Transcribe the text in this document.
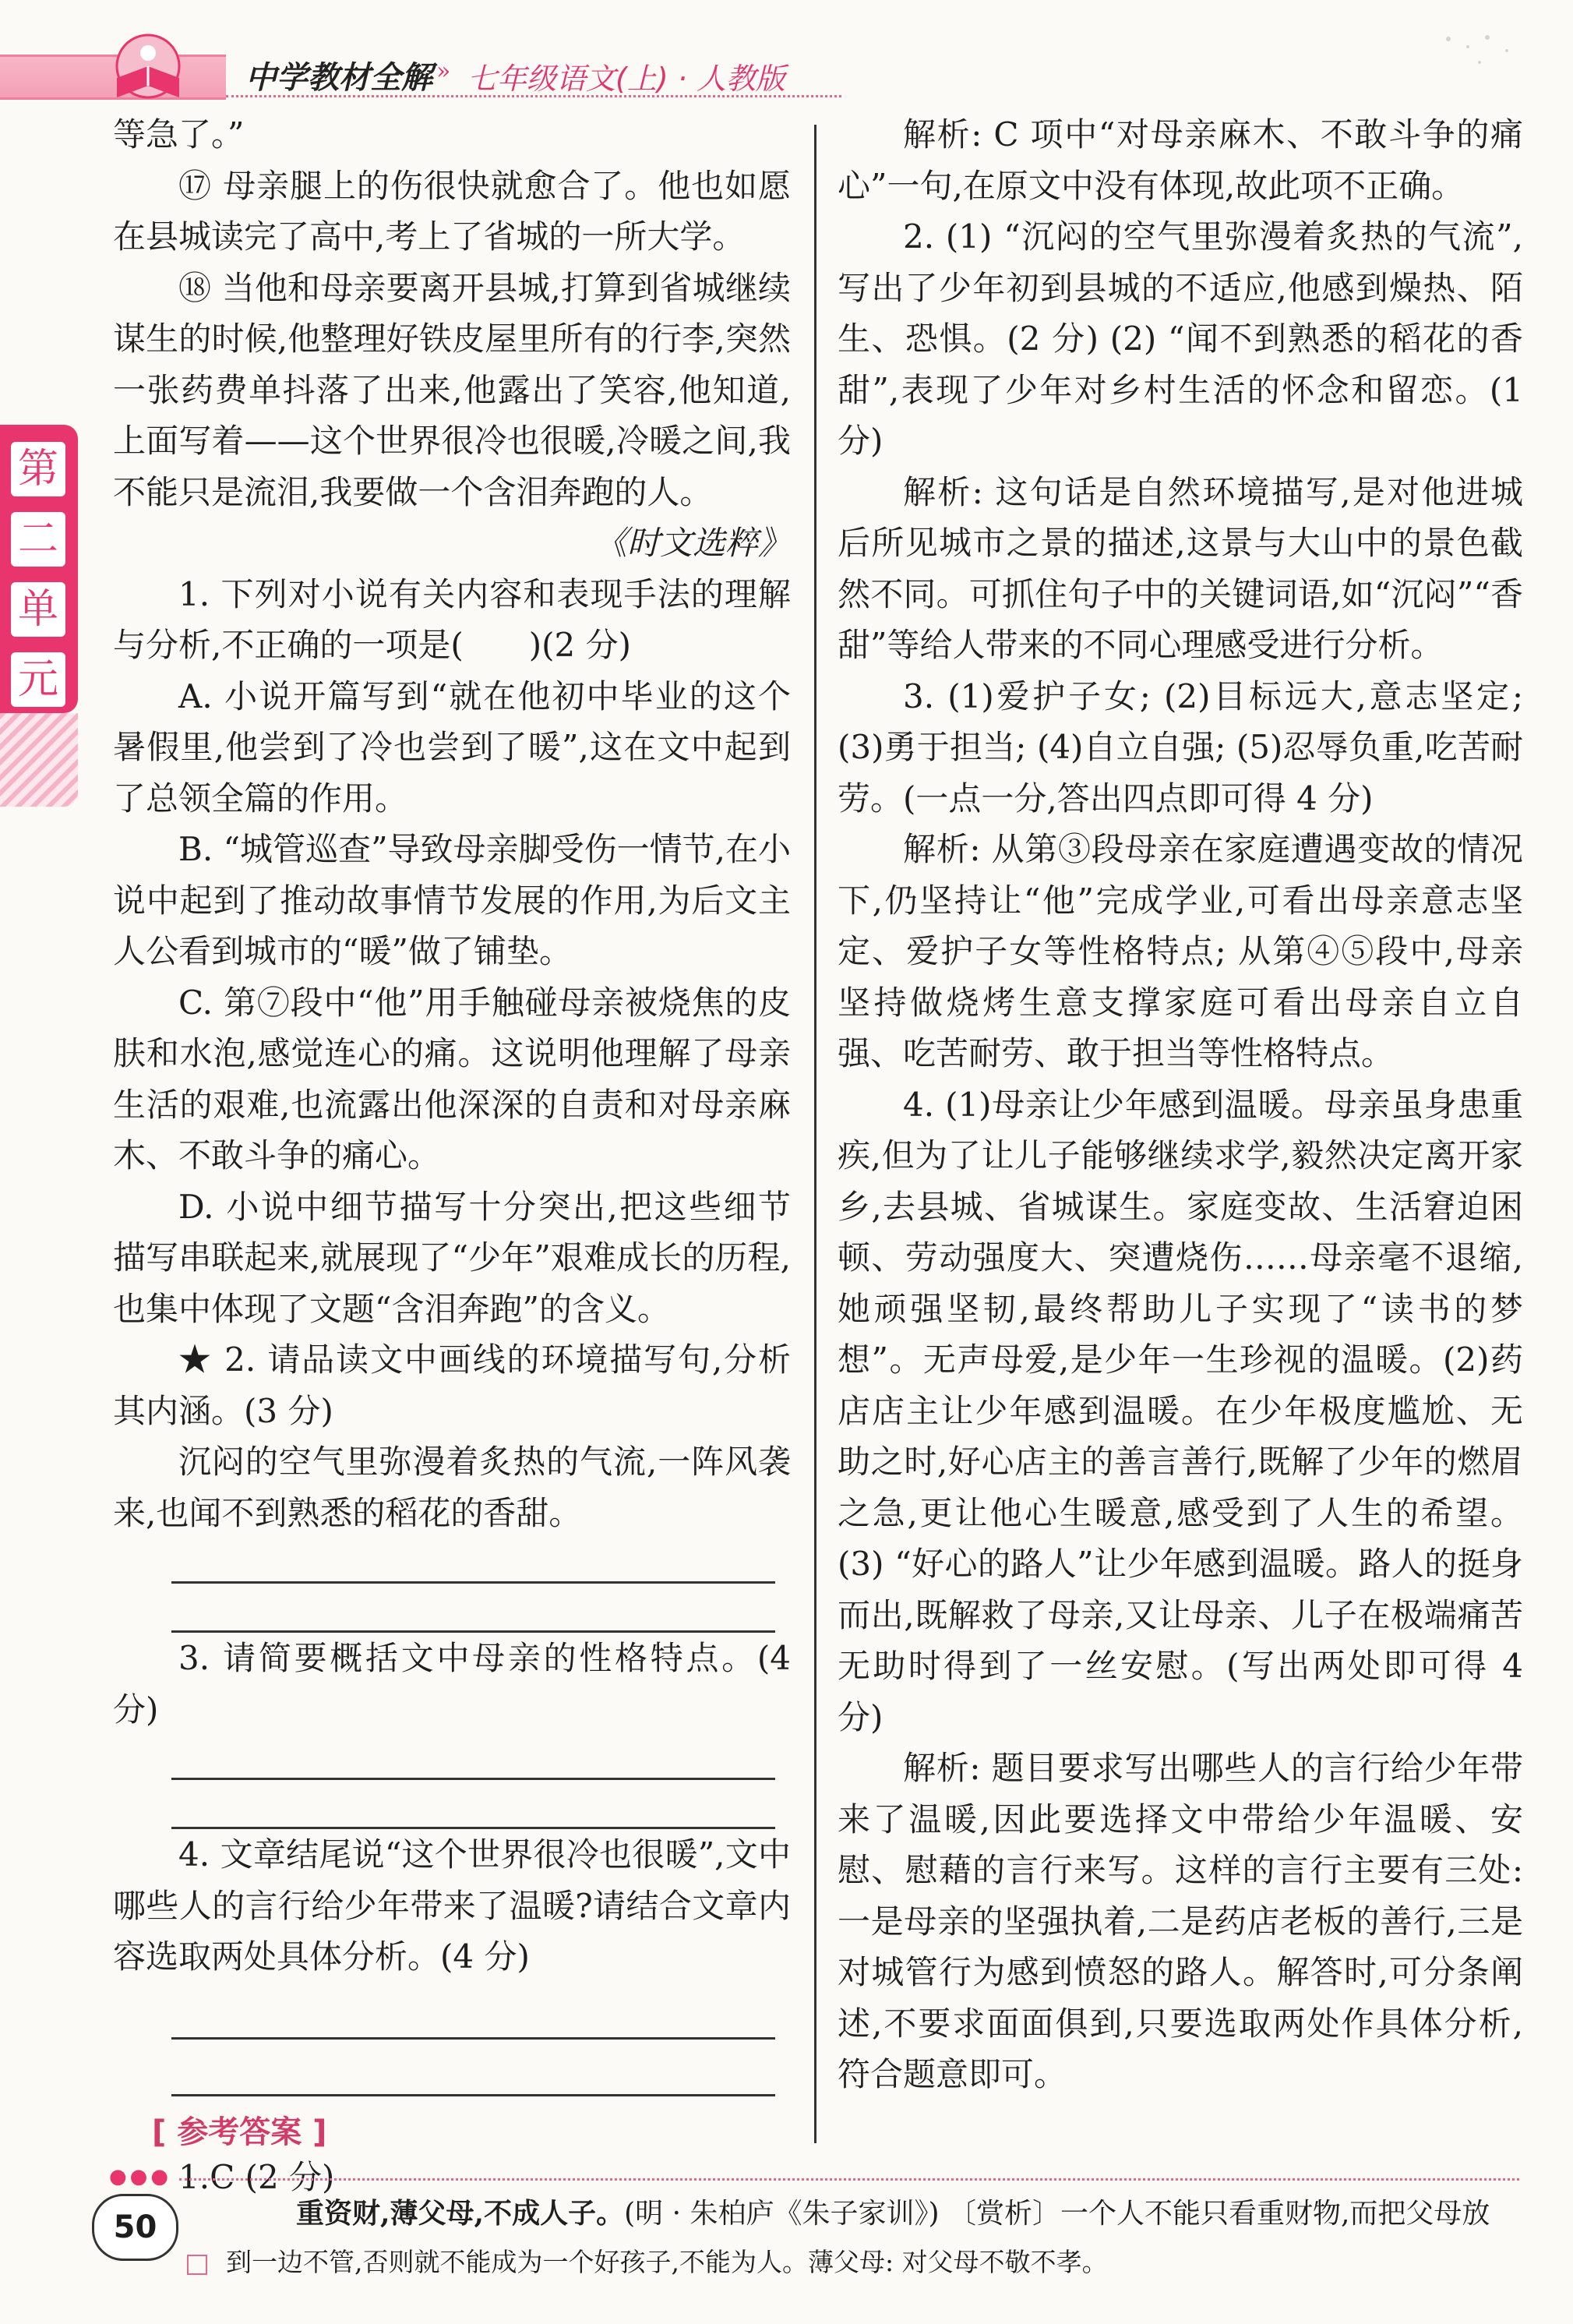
中学教材全解 » 七年级语文(上) · 人教版
第
二
单
元

等急了。”

⑰ 母亲腿上的伤很快就愈合了。他也如愿在县城读完了高中,考上了省城的一所大学。

⑱ 当他和母亲要离开县城,打算到省城继续谋生的时候,他整理好铁皮屋里所有的行李,突然一张药费单抖落了出来,他露出了笑容,他知道,上面写着——这个世界很冷也很暖,冷暖之间,我不能只是流泪,我要做一个含泪奔跑的人。

《时文选粹》

1. 下列对小说有关内容和表现手法的理解与分析,不正确的一项是(　　)(2 分)

A. 小说开篇写到“就在他初中毕业的这个暑假里,他尝到了冷也尝到了暖”,这在文中起到了总领全篇的作用。

B. “城管巡查”导致母亲脚受伤一情节,在小说中起到了推动故事情节发展的作用,为后文主人公看到城市的“暖”做了铺垫。

C. 第⑦段中“他”用手触碰母亲被烧焦的皮肤和水泡,感觉连心的痛。这说明他理解了母亲生活的艰难,也流露出他深深的自责和对母亲麻木、不敢斗争的痛心。

D. 小说中细节描写十分突出,把这些细节描写串联起来,就展现了“少年”艰难成长的历程,也集中体现了文题“含泪奔跑”的含义。

★ 2. 请品读文中画线的环境描写句,分析其内涵。(3 分)

沉闷的空气里弥漫着炙热的气流,一阵风袭来,也闻不到熟悉的稻花的香甜。

3. 请简要概括文中母亲的性格特点。(4 分)

4. 文章结尾说“这个世界很冷也很暖”,文中哪些人的言行给少年带来了温暖?请结合文章内容选取两处具体分析。(4 分)

[ 参考答案 ]

1.C (2 分)

解析: C 项中“对母亲麻木、不敢斗争的痛心”一句,在原文中没有体现,故此项不正确。

2. (1) “沉闷的空气里弥漫着炙热的气流”,写出了少年初到县城的不适应,他感到燥热、陌生、恐惧。(2 分) (2) “闻不到熟悉的稻花的香甜”,表现了少年对乡村生活的怀念和留恋。(1 分)

解析: 这句话是自然环境描写,是对他进城后所见城市之景的描述,这景与大山中的景色截然不同。可抓住句子中的关键词语,如“沉闷”“香甜”等给人带来的不同心理感受进行分析。

3. (1)爱护子女; (2)目标远大,意志坚定; (3)勇于担当; (4)自立自强; (5)忍辱负重,吃苦耐劳。(一点一分,答出四点即可得 4 分)

解析: 从第③段母亲在家庭遭遇变故的情况下,仍坚持让“他”完成学业,可看出母亲意志坚定、爱护子女等性格特点; 从第④⑤段中,母亲坚持做烧烤生意支撑家庭可看出母亲自立自强、吃苦耐劳、敢于担当等性格特点。

4. (1)母亲让少年感到温暖。母亲虽身患重疾,但为了让儿子能够继续求学,毅然决定离开家乡,去县城、省城谋生。家庭变故、生活窘迫困顿、劳动强度大、突遭烧伤……母亲毫不退缩,她顽强坚韧,最终帮助儿子实现了“读书的梦想”。无声母爱,是少年一生珍视的温暖。(2)药店店主让少年感到温暖。在少年极度尴尬、无助之时,好心店主的善言善行,既解了少年的燃眉之急,更让他心生暖意,感受到了人生的希望。(3) “好心的路人”让少年感到温暖。路人的挺身而出,既解救了母亲,又让母亲、儿子在极端痛苦无助时得到了一丝安慰。(写出两处即可得 4 分)

解析: 题目要求写出哪些人的言行给少年带来了温暖,因此要选择文中带给少年温暖、安慰、慰藉的言行来写。这样的言行主要有三处: 一是母亲的坚强执着,二是药店老板的善行,三是对城管行为感到愤怒的路人。解答时,可分条阐述,不要求面面俱到,只要选取两处作具体分析,符合题意即可。

●●●
50	重资财,薄父母,不成人子。(明 · 朱柏庐《朱子家训》) 〔赏析〕一个人不能只看重财物,而把父母放
到一边不管,否则就不能成为一个好孩子,不能为人。薄父母: 对父母不敬不孝。
